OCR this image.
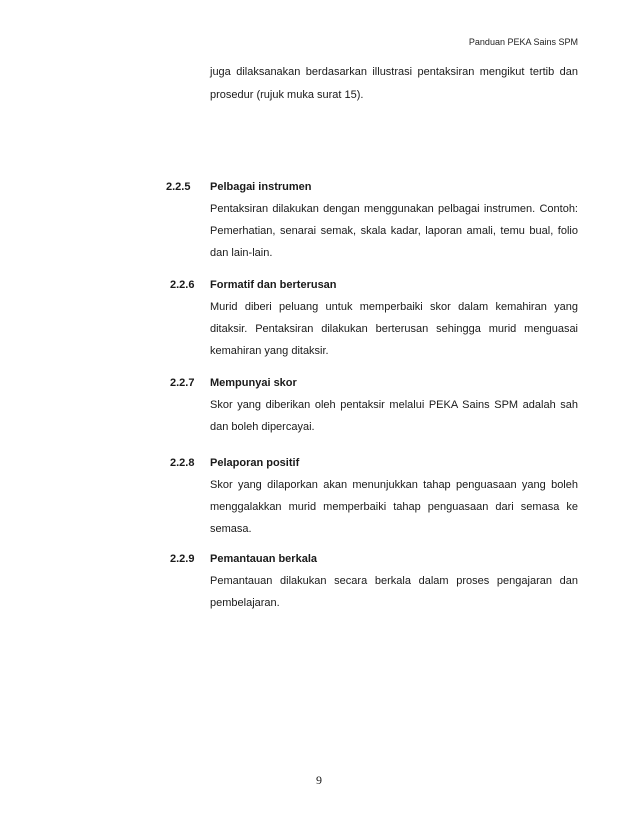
Panduan PEKA Sains SPM
juga dilaksanakan berdasarkan illustrasi pentaksiran mengikut tertib dan prosedur (rujuk muka surat 15).
2.2.5 Pelbagai instrumen
Pentaksiran dilakukan dengan menggunakan pelbagai instrumen. Contoh: Pemerhatian, senarai semak, skala kadar, laporan amali, temu bual, folio dan lain-lain.
2.2.6 Formatif dan berterusan
Murid diberi peluang untuk memperbaiki skor dalam kemahiran yang ditaksir. Pentaksiran dilakukan berterusan sehingga murid menguasai kemahiran yang ditaksir.
2.2.7 Mempunyai skor
Skor yang diberikan oleh pentaksir melalui PEKA Sains SPM adalah sah dan boleh dipercayai.
2.2.8 Pelaporan positif
Skor yang dilaporkan akan menunjukkan tahap penguasaan yang boleh menggalakkan murid memperbaiki tahap penguasaan dari semasa ke semasa.
2.2.9 Pemantauan berkala
Pemantauan dilakukan secara berkala dalam proses pengajaran dan pembelajaran.
9
